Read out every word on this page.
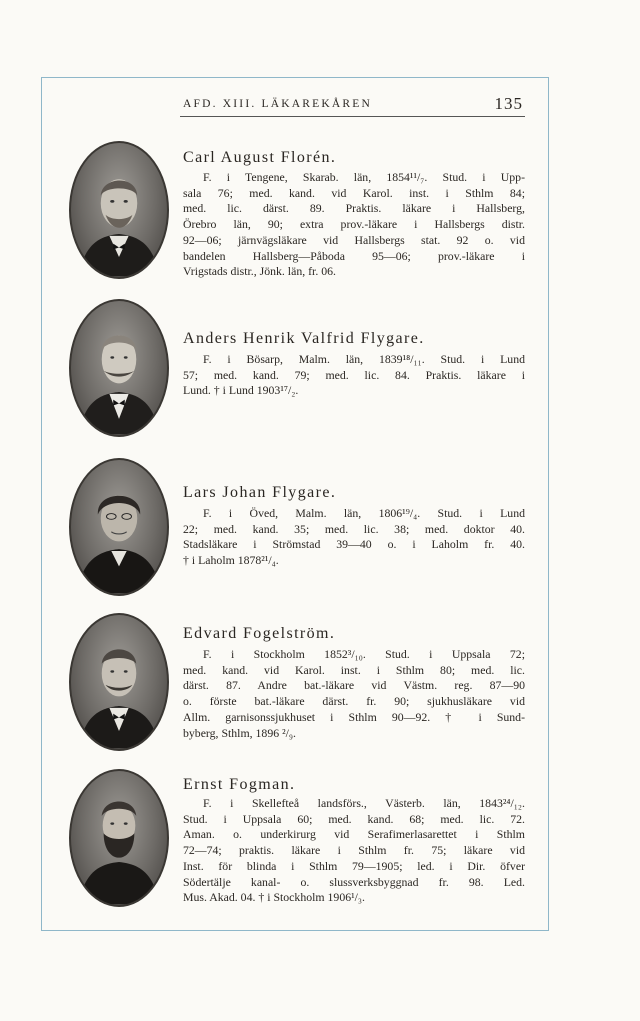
AFD. XIII. LÄKAREKÅREN	135
Carl August Florén.
F. i Tengene, Skarab. län, 1854¹¹/₇. Stud. i Upp-
sala 76; med. kand. vid Karol. inst. i Sthlm 84;
med. lic. därst. 89. Praktis. läkare i Hallsberg,
Örebro län, 90; extra prov.-läkare i Hallsbergs distr.
92—06; järnvägsläkare vid Hallsbergs stat. 92 o. vid
bandelen Hallsberg—Påboda 95—06; prov.-läkare i
Vrigstads distr., Jönk. län, fr. 06.
Anders Henrik Valfrid Flygare.
F. i Bösarp, Malm. län, 1839¹⁸/₁₁. Stud. i Lund
57; med. kand. 79; med. lic. 84. Praktis. läkare i
Lund. † i Lund 1903¹⁷/₂.
Lars Johan Flygare.
F. i Öved, Malm. län, 1806¹⁹/₄. Stud. i Lund
22; med. kand. 35; med. lic. 38; med. doktor 40.
Stadsläkare i Strömstad 39—40 o. i Laholm fr. 40.
† i Laholm 1878²¹/₄.
Edvard Fogelström.
F. i Stockholm 1852³/₁₀. Stud. i Uppsala 72;
med. kand. vid Karol. inst. i Sthlm 80; med. lic.
därst. 87. Andre bat.-läkare vid Västm. reg. 87—90
o. förste bat.-läkare därst. fr. 90; sjukhusläkare vid
Allm. garnisonssjukhuset i Sthlm 90—92. † i Sund-
byberg, Sthlm, 1896 ²/₉.
Ernst Fogman.
F. i Skellefteå landsförs., Västerb. län, 1843²⁴/₁₂.
Stud. i Uppsala 60; med. kand. 68; med. lic. 72.
Aman. o. underkirurg vid Serafimerlasarettet i Sthlm
72—74; praktis. läkare i Sthlm fr. 75; läkare vid
Inst. för blinda i Sthlm 79—1905; led. i Dir. öfver
Södertälje kanal- o. slussverksbyggnad fr. 98. Led.
Mus. Akad. 04. † i Stockholm 1906¹/₃.
